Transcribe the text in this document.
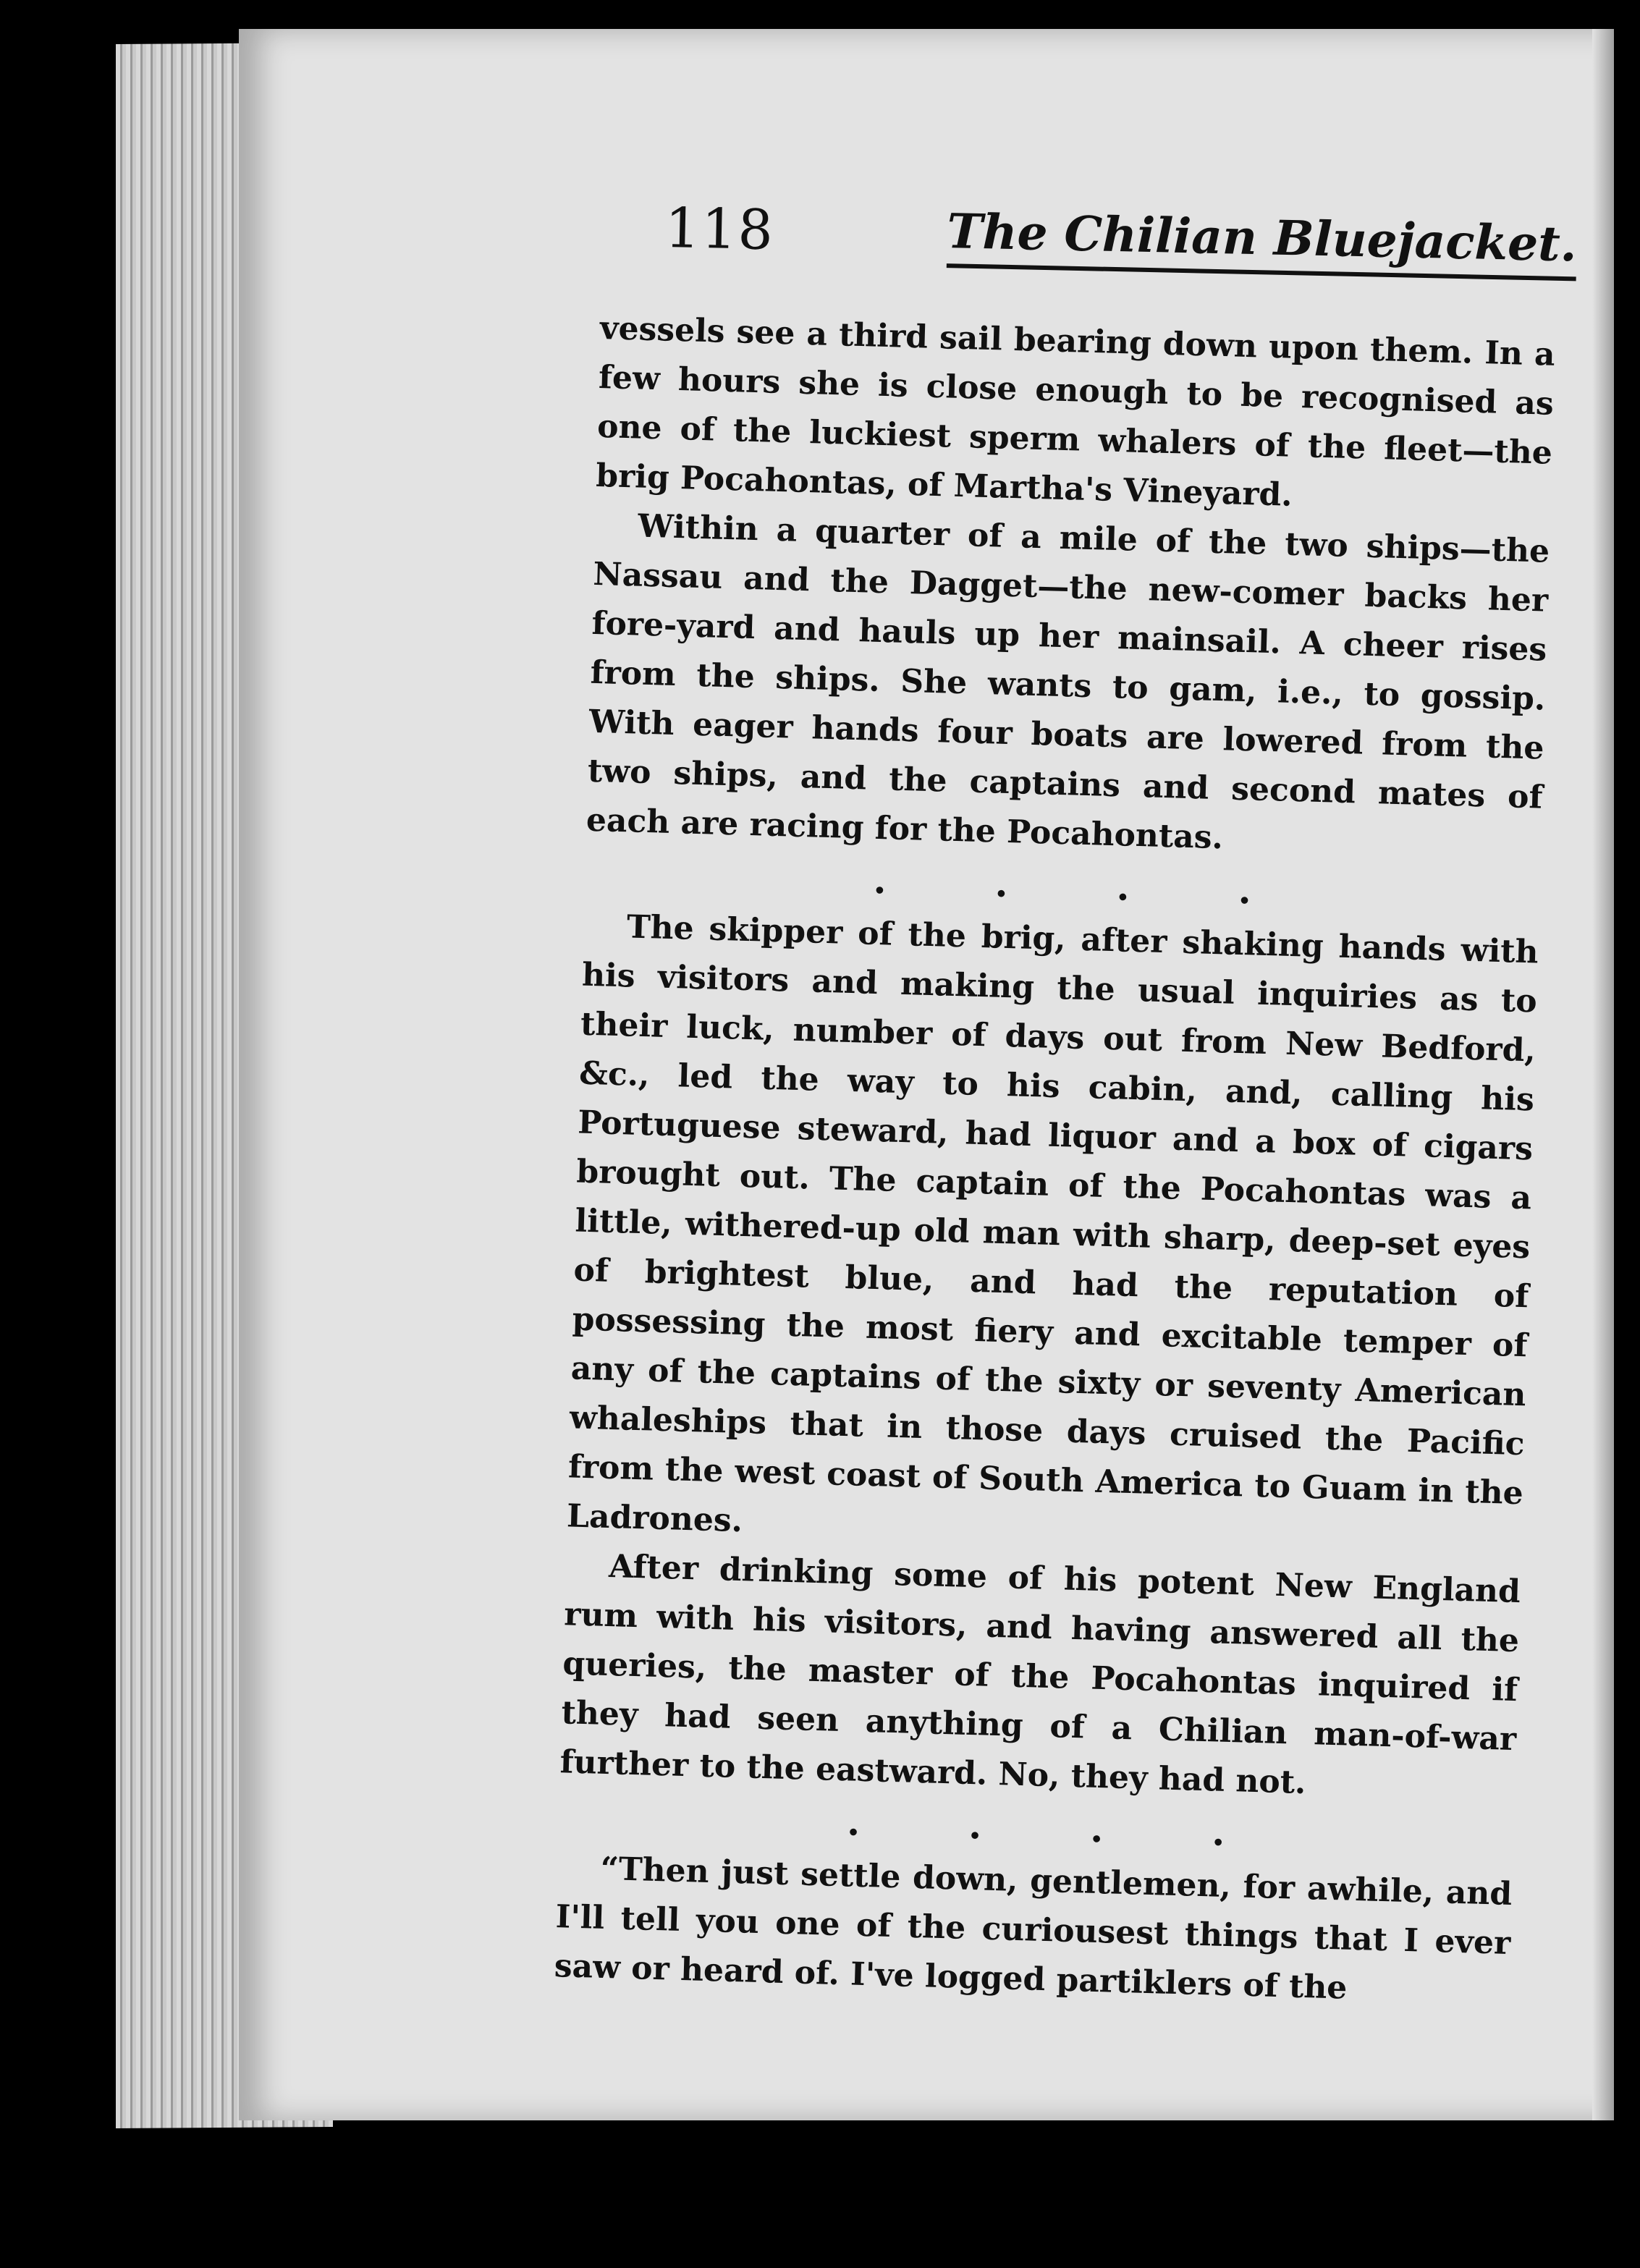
118	The Chilian Bluejacket.

vessels see a third sail bearing down upon them. In a few hours she is close enough to be recognised as one of the luckiest sperm whalers of the fleet—the brig Pocahontas, of Martha's Vineyard.

Within a quarter of a mile of the two ships—the Nassau and the Dagget—the new-comer backs her fore-yard and hauls up her mainsail. A cheer rises from the ships. She wants to gam, i.e., to gossip. With eager hands four boats are lowered from the two ships, and the captains and second mates of each are racing for the Pocahontas.

.	.	.	.

The skipper of the brig, after shaking hands with his visitors and making the usual inquiries as to their luck, number of days out from New Bedford, &c., led the way to his cabin, and, calling his Portuguese steward, had liquor and a box of cigars brought out. The captain of the Pocahontas was a little, withered-up old man with sharp, deep-set eyes of brightest blue, and had the reputation of possessing the most fiery and excitable temper of any of the captains of the sixty or seventy American whaleships that in those days cruised the Pacific from the west coast of South America to Guam in the Ladrones.

After drinking some of his potent New England rum with his visitors, and having answered all the queries, the master of the Pocahontas inquired if they had seen anything of a Chilian man-of-war further to the eastward. No, they had not.

.	.	.	.

“Then just settle down, gentlemen, for awhile, and I'll tell you one of the curiousest things that I ever saw or heard of. I've logged partiklers of the
